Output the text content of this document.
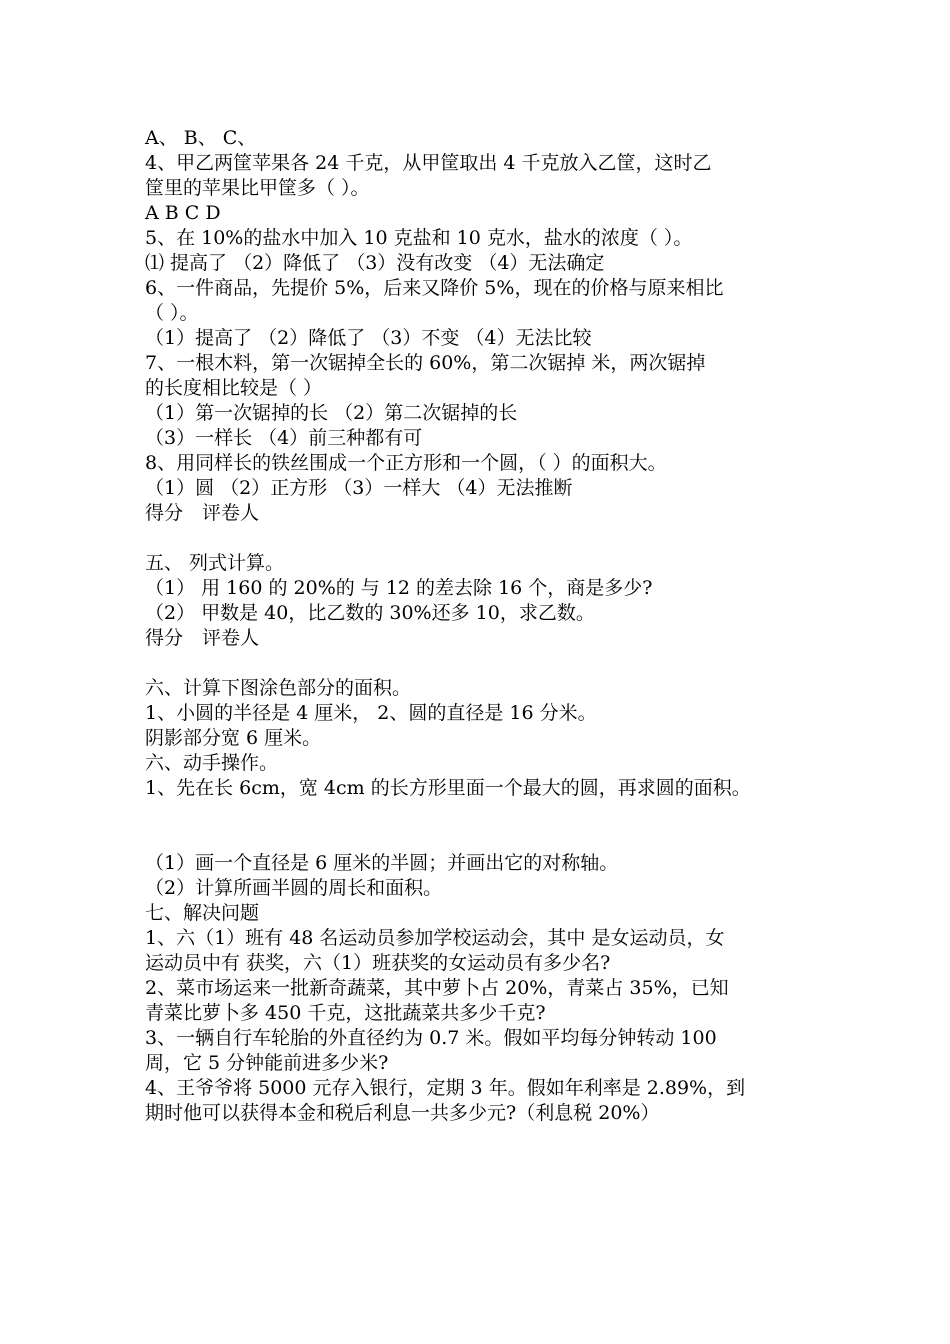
A、 B、 C、
4、甲乙两筐苹果各 24 千克，从甲筐取出 4 千克放入乙筐，这时乙
筐里的苹果比甲筐多（ ）。
A B C D
5、在 10%的盐水中加入 10 克盐和 10 克水，盐水的浓度（ ）。
⑴ 提高了 （2）降低了 （3）没有改变 （4）无法确定
6、一件商品，先提价 5%，后来又降价 5%，现在的价格与原来相比
（ ）。
（1）提高了 （2）降低了 （3）不变 （4）无法比较
7、一根木料，第一次锯掉全长的 60%，第二次锯掉 米，两次锯掉
的长度相比较是（ ）
（1）第一次锯掉的长 （2）第二次锯掉的长
（3）一样长 （4）前三种都有可
8、用同样长的铁丝围成一个正方形和一个圆，（ ）的面积大。
（1）圆 （2）正方形 （3）一样大 （4）无法推断
得分　评卷人
五、 列式计算。
（1） 用 160 的 20%的 与 12 的差去除 16 个，商是多少?
（2） 甲数是 40，比乙数的 30%还多 10，求乙数。
得分　评卷人
六、计算下图涂色部分的面积。
1、小圆的半径是 4 厘米， 2、圆的直径是 16 分米。
阴影部分宽 6 厘米。
六、动手操作。
1、先在长 6cm，宽 4cm 的长方形里面一个最大的圆，再求圆的面积。
（1）画一个直径是 6 厘米的半圆；并画出它的对称轴。
（2）计算所画半圆的周长和面积。
七、解决问题
1、六（1）班有 48 名运动员参加学校运动会，其中 是女运动员，女
运动员中有 获奖，六（1）班获奖的女运动员有多少名?
2、菜市场运来一批新奇蔬菜，其中萝卜占 20%，青菜占 35%，已知
青菜比萝卜多 450 千克，这批蔬菜共多少千克?
3、一辆自行车轮胎的外直径约为 0.7 米。假如平均每分钟转动 100
周，它 5 分钟能前进多少米?
4、王爷爷将 5000 元存入银行，定期 3 年。假如年利率是 2.89%，到
期时他可以获得本金和税后利息一共多少元?（利息税 20%）
